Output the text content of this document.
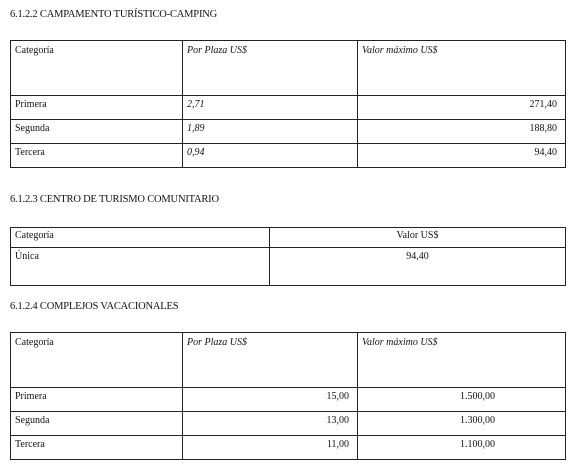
6.1.2.2 CAMPAMENTO TURÍSTICO-CAMPING
Categoría	Por Plaza US$	Valor máximo US$
Primera	2,71	271,40
Segunda	1,89	188,80
Tercera	0,94	94,40
6.1.2.3 CENTRO DE TURISMO COMUNITARIO
Categoría	Valor US$
Única	94,40
6.1.2.4 COMPLEJOS VACACIONALES
Categoría	Por Plaza US$	Valor máximo US$
Primera	15,00	1.500,00
Segunda	13,00	1.300,00
Tercera	11,00	1.100,00
